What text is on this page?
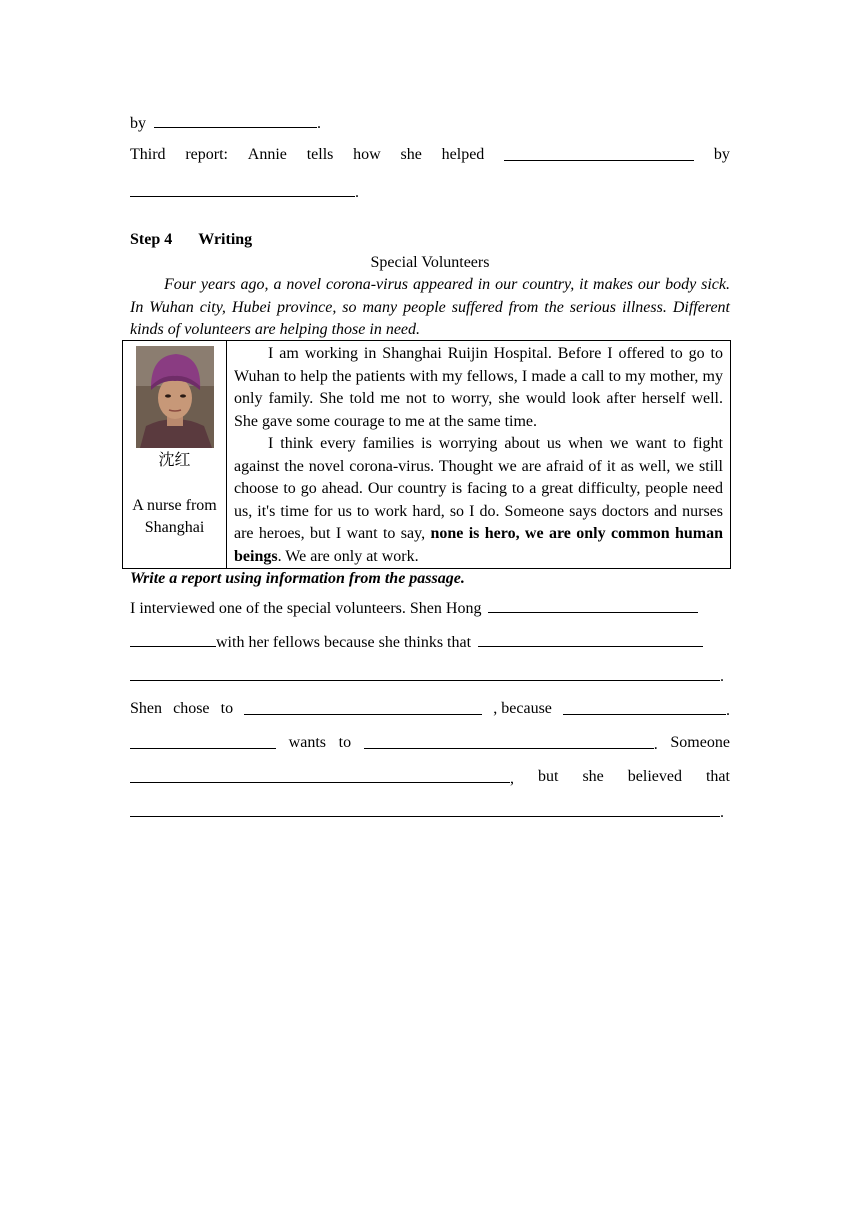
by	.
Third report: Annie tells how she helped	by
.
Step 4 Writing
Special Volunteers
Four years ago, a novel corona-virus appeared in our country, it makes our body sick. In Wuhan city, Hubei province, so many people suffered from the serious illness. Different kinds of volunteers are helping those in need.
沈红
A nurse from
Shanghai

I am working in Shanghai Ruijin Hospital. Before I offered to go to Wuhan to help the patients with my fellows, I made a call to my mother, my only family. She told me not to worry, she would look after herself well. She gave some courage to me at the same time.
I think every families is worrying about us when we want to fight against the novel corona-virus. Thought we are afraid of it as well, we still choose to go ahead. Our country is facing to a great difficulty, people need us, it's time for us to work hard, so I do. Someone says doctors and nurses are heroes, but I want to say, none is hero, we are only common human beings. We are only at work.
Write a report using information from the passage.
I interviewed one of the special volunteers. Shen Hong
with her fellows because she thinks that
.
Shen chose to	, because	.
wants to	. Someone
, but she believed that
.
